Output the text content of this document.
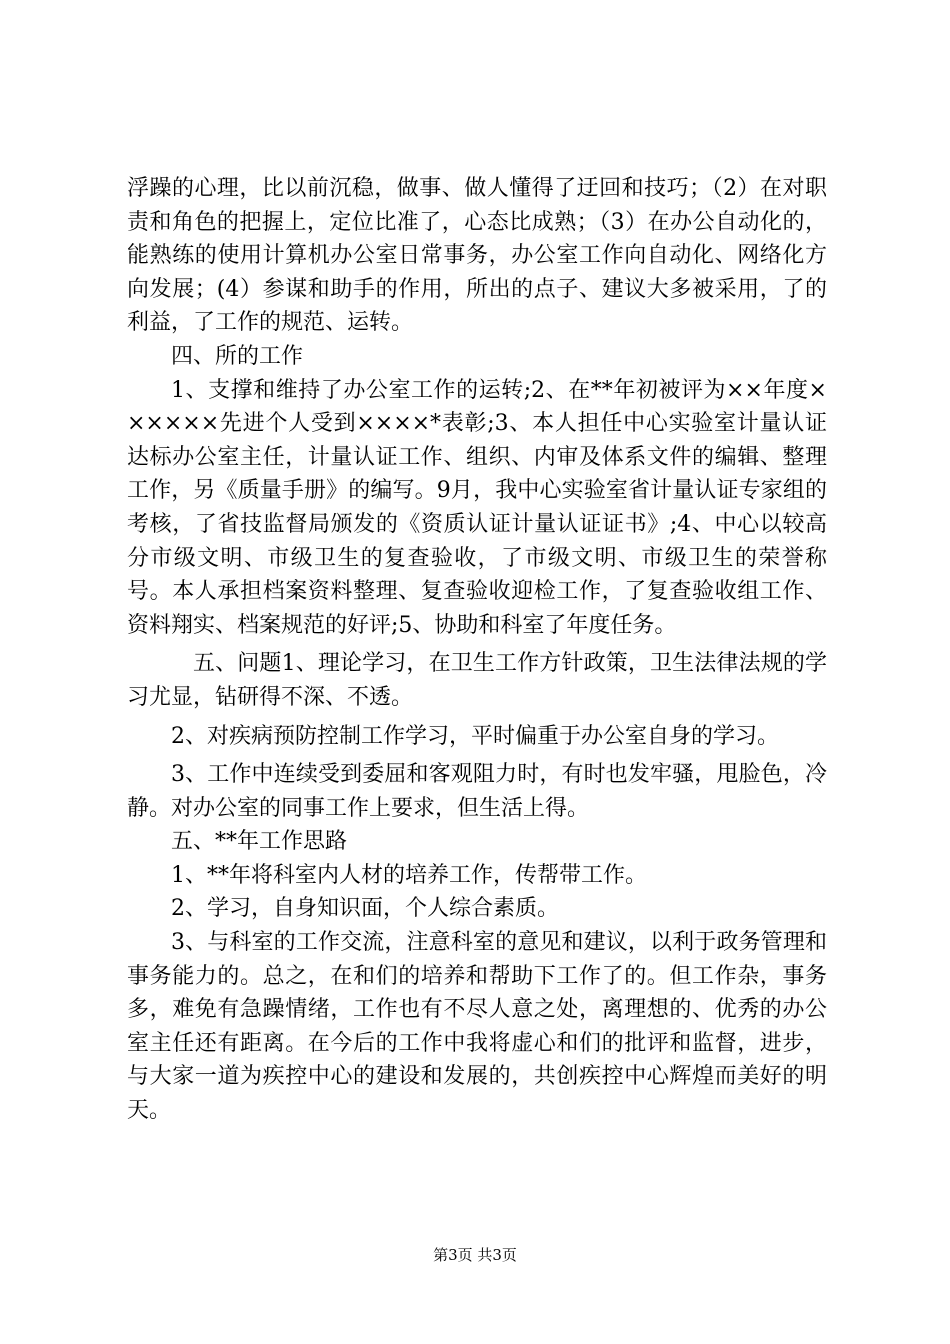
浮躁的心理，比以前沉稳，做事、做人懂得了迂回和技巧；（2）在对职责和角色的把握上，定位比准了，心态比成熟；（3）在办公自动化的，能熟练的使用计算机办公室日常事务，办公室工作向自动化、网络化方向发展；(4）参谋和助手的作用，所出的点子、建议大多被采用，了的利益，了工作的规范、运转。

四、所的工作

1、支撑和维持了办公室工作的运转;2、在**年初被评为××年度××××××先进个人受到××××*表彰;3、本人担任中心实验室计量认证达标办公室主任，计量认证工作、组织、内审及体系文件的编辑、整理工作，另《质量手册》的编写。9月，我中心实验室省计量认证专家组的考核，了省技监督局颁发的《资质认证计量认证证书》;4、中心以较高分市级文明、市级卫生的复查验收，了市级文明、市级卫生的荣誉称号。本人承担档案资料整理、复查验收迎检工作，了复查验收组工作、资料翔实、档案规范的好评;5、协助和科室了年度任务。

五、问题1、理论学习，在卫生工作方针政策，卫生法律法规的学习尤显，钻研得不深、不透。

2、对疾病预防控制工作学习，平时偏重于办公室自身的学习。

3、工作中连续受到委屈和客观阻力时，有时也发牢骚，甩脸色，冷静。对办公室的同事工作上要求，但生活上得。

五、**年工作思路

1、**年将科室内人材的培养工作，传帮带工作。

2、学习，自身知识面，个人综合素质。

3、与科室的工作交流，注意科室的意见和建议，以利于政务管理和事务能力的。总之，在和们的培养和帮助下工作了的。但工作杂，事务多，难免有急躁情绪，工作也有不尽人意之处，离理想的、优秀的办公室主任还有距离。在今后的工作中我将虚心和们的批评和监督，进步，与大家一道为疾控中心的建设和发展的，共创疾控中心辉煌而美好的明天。

第3页 共3页
